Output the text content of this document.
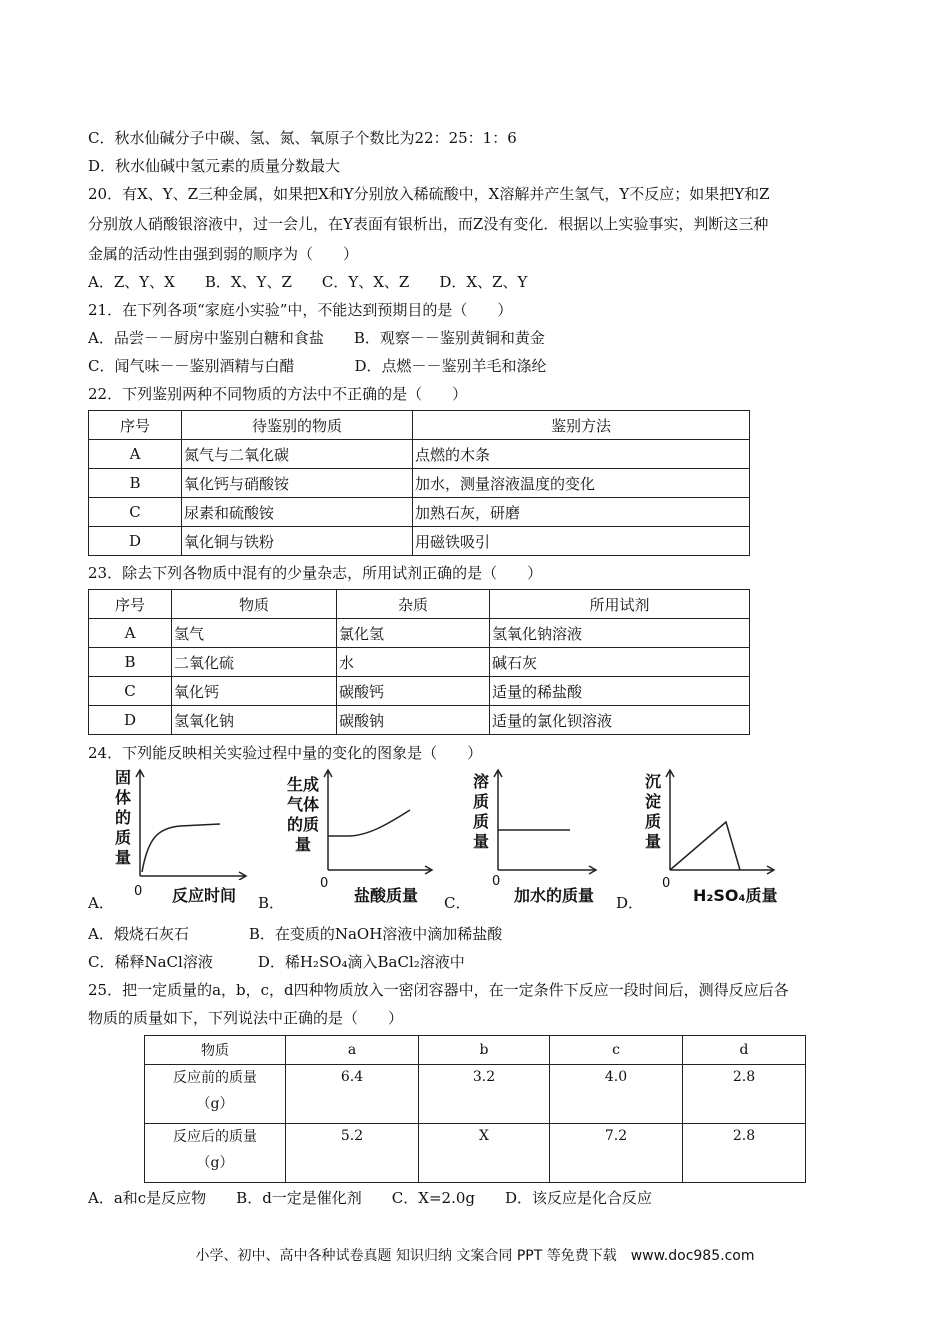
C．秋水仙碱分子中碳、氢、氮、氧原子个数比为22：25：1：6
D．秋水仙碱中氢元素的质量分数最大
20．有X、Y、Z三种金属，如果把X和Y分别放入稀硫酸中，X溶解并产生氢气，Y不反应；如果把Y和Z
分别放人硝酸银溶液中，过一会儿，在Y表面有银析出，而Z没有变化．根据以上实验事实，判断这三种
金属的活动性由强到弱的顺序为（　　）
A．Z、Y、X　　B．X、Y、Z　　C．Y、X、Z　　D．X、Z、Y
21．在下列各项“家庭小实验”中，不能达到预期目的是（　　）
A．品尝－－厨房中鉴别白糖和食盐　　B．观察－－鉴别黄铜和黄金
C．闻气味－－鉴别酒精与白醋　　　　D．点燃－－鉴别羊毛和涤纶
22．下列鉴别两种不同物质的方法中不正确的是（　　）
序号	待鉴别的物质	鉴别方法
A	氮气与二氧化碳	点燃的木条
B	氧化钙与硝酸铵	加水，测量溶液温度的变化
C	尿素和硫酸铵	加熟石灰，研磨
D	氧化铜与铁粉	用磁铁吸引
23．除去下列各物质中混有的少量杂志，所用试剂正确的是（　　）
序号	物质	杂质	所用试剂
A	氢气	氯化氢	氢氧化钠溶液
B	二氧化硫	水	碱石灰
C	氧化钙	碳酸钙	适量的稀盐酸
D	氢氧化钠	碳酸钠	适量的氯化钡溶液
24．下列能反映相关实验过程中量的变化的图象是（　　）
A．
固
体
的
质
量
0 反应时间 B．
生成
气体
的质
量
0
盐酸质量 C．
溶
质
质
量
0
加水的质量 D．
沉
淀
质
量
0
H₂SO₄质量
A．煅烧石灰石　　　　B．在变质的NaOH溶液中滴加稀盐酸
C．稀释NaCl溶液　　　D．稀H₂SO₄滴入BaCl₂溶液中
25．把一定质量的a，b，c，d四种物质放入一密闭容器中，在一定条件下反应一段时间后，测得反应后各
物质的质量如下，下列说法中正确的是（　　）
物质	a	b	c	d
反应前的质量
（g）	6.4	3.2	4.0	2.8
反应后的质量
（g）	5.2	X	7.2	2.8
A．a和c是反应物　　B．d一定是催化剂　　C．X=2.0g　　D．该反应是化合反应
小学、初中、高中各种试卷真题 知识归纳 文案合同 PPT 等免费下载　www.doc985.com
